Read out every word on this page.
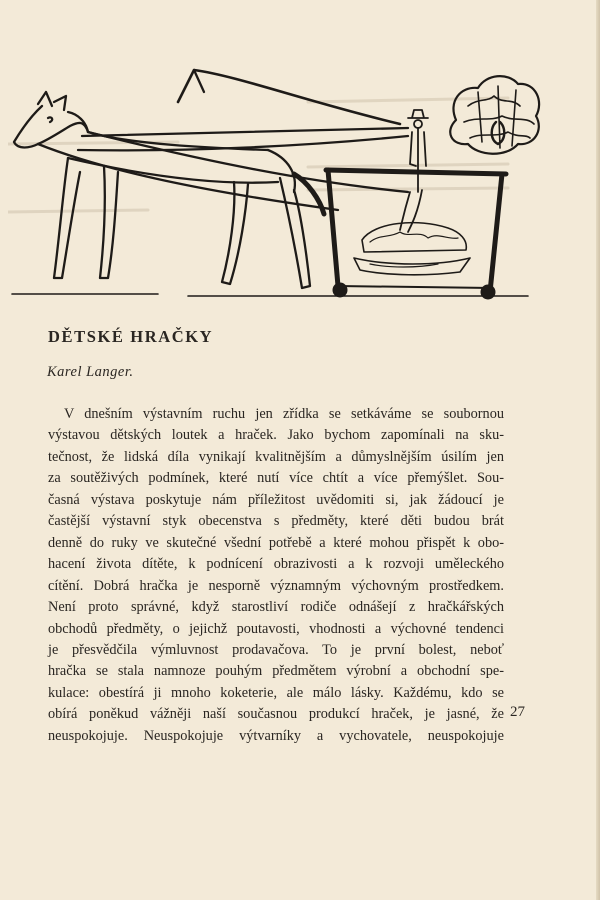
DĚTSKÉ HRAČKY
Karel Langer.
V dnešním výstavním ruchu jen zřídka se setkáváme se soubornou
výstavou dětských loutek a hraček. Jako bychom zapomínali na sku-
tečnost, že lidská díla vynikají kvalitnějším a důmyslnějším úsilím jen
za soutěživých podmínek, které nutí více chtít a více přemýšlet. Sou-
časná výstava poskytuje nám příležitost uvědomiti si, jak žádoucí je
častější výstavní styk obecenstva s předměty, které děti budou brát
denně do ruky ve skutečné všední potřebě a které mohou přispět k obo-
hacení života dítěte, k podnícení obrazivosti a k rozvoji uměleckého
cítění. Dobrá hračka je nesporně významným výchovným prostředkem.
Není proto správné, když starostliví rodiče odnášejí z hračkářských
obchodů předměty, o jejichž poutavosti, vhodnosti a výchovné tendenci
je přesvědčila výmluvnost prodavačova. To je první bolest, neboť
hračka se stala namnoze pouhým předmětem výrobní a obchodní spe-
kulace: obestírá ji mnoho koketerie, ale málo lásky. Každému, kdo se
obírá poněkud vážněji naší současnou produkcí hraček, je jasné, že
neuspokojuje. Neuspokojuje výtvarníky a vychovatele, neuspokojuje
27
